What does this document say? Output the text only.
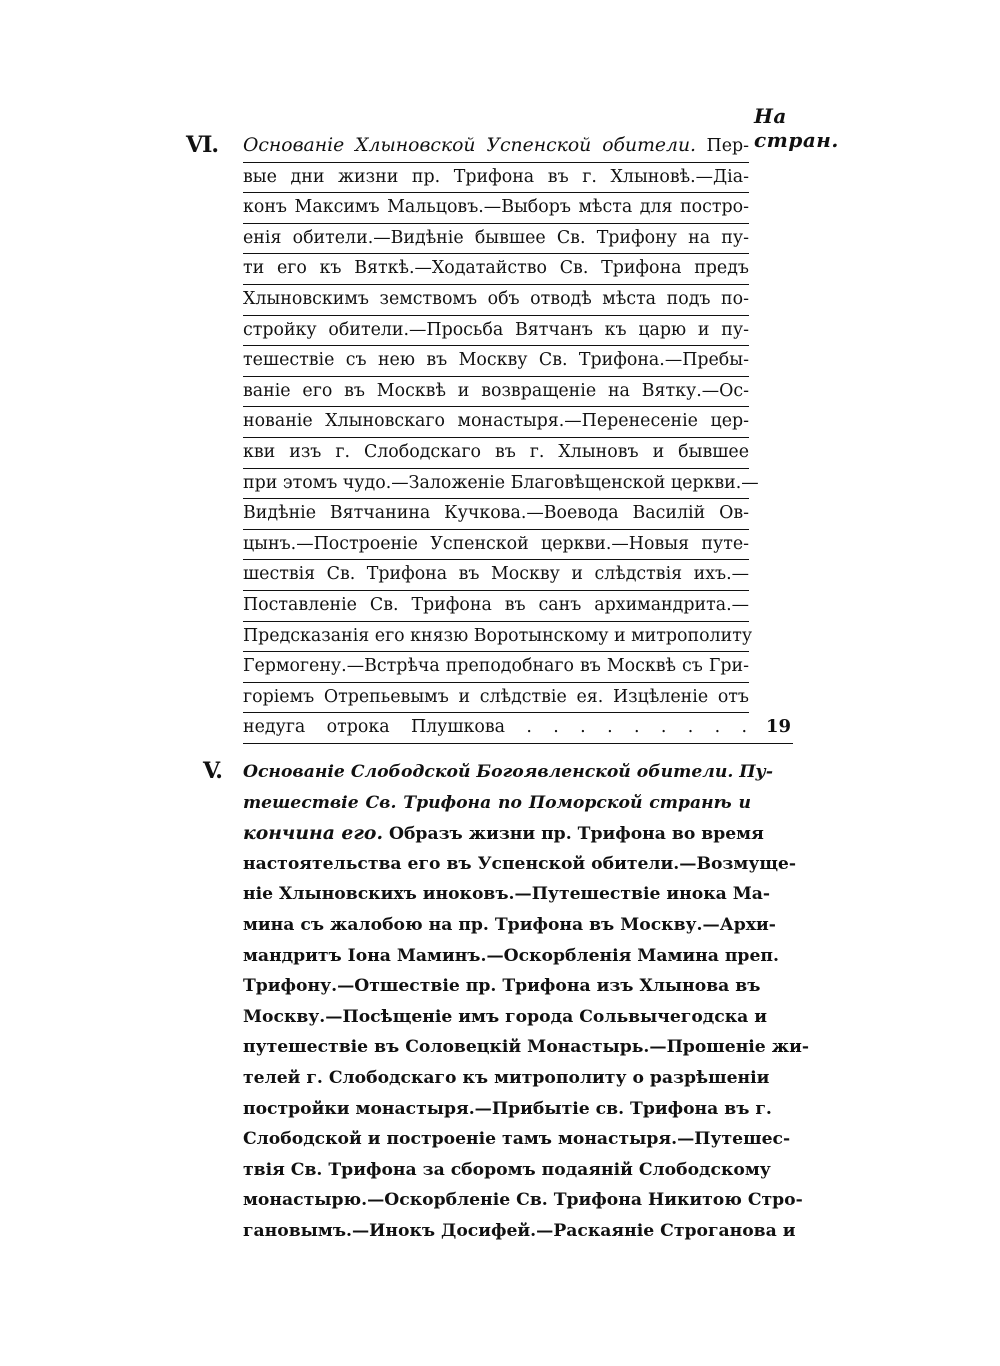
На стран.
VI. Основаніе Хлыновской Успенской обители. Пер-
вые дни жизни пр. Трифона въ г. Хлыновѣ.—Діа-
конъ Максимъ Мальцовъ.—Выборъ мѣста для постро-
енія обители.—Видѣніе бывшее Св. Трифону на пу-
ти его къ Вяткѣ.—Ходатайство Св. Трифона предъ
Хлыновскимъ земствомъ объ отводѣ мѣста подъ по-
стройку обители.—Просьба Вятчанъ къ царю и пу-
тешествіе съ нею въ Москву Св. Трифона.—Пребы-
ваніе его въ Москвѣ и возвращеніе на Вятку.—Ос-
нованіе Хлыновскаго монастыря.—Перенесеніе цер-
кви изъ г. Слободскаго въ г. Хлыновъ и бывшее
при этомъ чудо.—Заложеніе Благовѣщенской церкви.—
Видѣніе Вятчанина Кучкова.—Воевода Василій Ов-
цынъ.—Построеніе Успенской церкви.—Новыя путе-
шествія Св. Трифона въ Москву и слѣдствія ихъ.—
Поставленіе Св. Трифона въ санъ архимандрита.—
Предсказанія его князю Воротынскому и митрополиту
Гермогену.—Встрѣча преподобнаго въ Москвѣ съ Гри-
горіемъ Отрепьевымъ и слѣдствіе ея. Изцѣленіе отъ
недуга отрока Плушкова . . . . . . . . . 19
V. Основаніе Слободской Богоявленской обители. Пу-
тешествіе Св. Трифона по Поморской странѣ и
кончина его. Образъ жизни пр. Трифона во время
настоятельства его въ Успенской обители.—Возмуще-
ніе Хлыновскихъ иноковъ.—Путешествіе инока Ма-
мина съ жалобою на пр. Трифона въ Москву.—Архи-
мандритъ Іона Маминъ.—Оскорбленія Мамина преп.
Трифону.—Отшествіе пр. Трифона изъ Хлынова въ
Москву.—Посѣщеніе имъ города Сольвычегодска и
путешествіе въ Соловецкій Монастырь.—Прошеніе жи-
телей г. Слободскаго къ митрополиту о разрѣшеніи
постройки монастыря.—Прибытіе св. Трифона въ г.
Слободской и построеніе тамъ монастыря.—Путешес-
твія Св. Трифона за сборомъ подаяній Слободскому
монастырю.—Оскорбленіе Св. Трифона Никитою Стро-
гановымъ.—Инокъ Досифей.—Раскаяніе Строганова и
